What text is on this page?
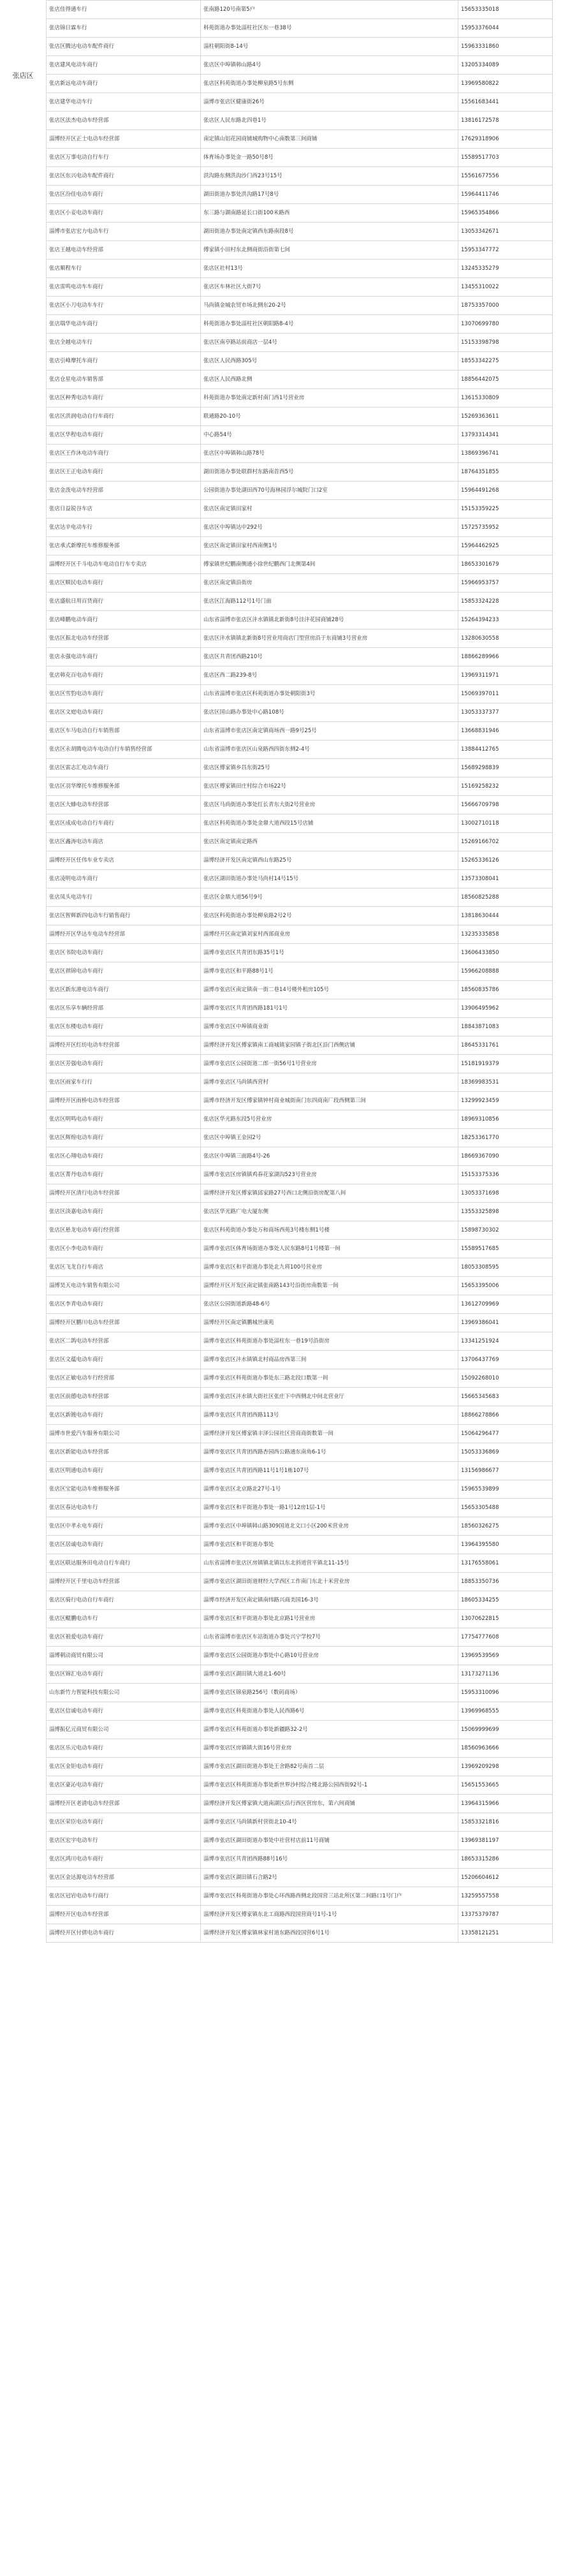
张店区
张店佳得通车行	张南路120号南第5户	15653335018
张店锦日霖车行	科苑街道办事处淄柱社区东一巷38号	15953376044
张店区腾达电动车配件商行	淄柱朝阳街8-14号	15963331860
张店建风电动车商行	张店区中埠镇韩山路4号	13205334089
张店新远电动车商行	张店区科苑街道办事处柳泉路5号东侧	13969580822
张店建华电动车行	淄博市张店区健康街26号	15561683441
张店区法杰电动车经营部	张店区人民东路北四巷1号	13816172578
淄博经开区正士电动车经营部	南定镇山铝花园商铺城购物中心南数第三间商铺	17629318906
张店区万事电动自行车行	体育场办事处金一路50号8号	15589517703
张店区东兴电动车配件商行	洪沟路东侧洪沟沙门西23号15号	15561677556
张店区汾佳电动车商行	湖田街道办事处洪沟路17号8号	15964411746
张店区小妾电动车商行	东三路与湖南路延长口街100米路西	15965354866
淄博市张店宏力电动车行	湖田街道办事处南定镇西东路南段8号	13053342671
张店王越电动车经营部	傅家镇小田村东北侧商街沿街第七间	15953347772
张店顺程车行	张店区社村13号	13245335279
张店雷鸣电动车车商行	张店区车林社区大街7号	13455310022
张店区小刀电动车车行	马尚镇金城农贸市场北侧东20-2号	18753357000
张店瑞华电动车商行	科苑街道办事处淄柱社区朝阳路8-4号	13070699780
张店全越电动车行	张店区南亭路站前商店一层4号	15153398798
张店引峰摩托车商行	张店区人民西路305号	18553342275
张店仓星电动车销售部	张店区人民西路北侧	18856442075
张店区种秀电动车商行	科苑街道办事处南定新村南门西1号营业房	13615330809
张店区洪润电动自行车商行	联通路20-10号	15269363611
张店区华程电动车商行	中心路54号	13793314341
张店区王作沐电动车商行	张店区中埠镇韩山路78号	13869396741
张店区王正电动车商行	湖田街道办事处联群村东路南首西5号	18764351855
张店金泼电动车经营部	公园街道办事处湖田西70号海林园浮尔城院门口2室	15964491268
张店日益锐谷车店	张店区南定镇田家村	15153359225
张店达辛电动车行	张店区中埠镇达中292号	15725735952
张店承式新摩托车维修服务部	张店区南定镇田家村西南侧1号	15964462925
淄博经开区千斗电动车电动自行车专卖店	傅家镇世纪鹏南侧通小徐世纪鹏西门北侧第4间	18653301679
张店区顺民电动车商行	张店区南定镇沿街房	15966953757
张店盛航日用百货商行	张店区江海路112号1号门面	15853324228
张店峰鹏电动车商行	山东省淄博市张店区沣水镇镇北新街8号洼沣花园商铺28号	15264394233
张店区振北电动车经营部	张店区沣水镇镇北新街8号营业用商店门型营房沿于东商铺3号营业房	13280630558
张店永强电动车商行	张店区共青团西路210号	18866289966
张店韩克百电动车商行	张店区西二路239-8号	13969311971
张店区雪豹电动车商行	山东省淄博市张店区科苑街道办事处朝阳街3号	15069397011
张店区文庭电动车商行	张店区国山路办事处中心路108号	13053337377
张店区车马电动自行车销售部	山东省淄博市张店区南定镇商场西一路9号25号	13668831946
张店区永胡腾电动车电动自行车销售经营部	山东省淄博市张店区山泉路西四街东侧2-4号	13884412765
张店区雷志汇电动车商行	张店区傅家镇乡昌东街25号	15689298839
张店区羽华摩托车维修服务部	张店区傅家镇田庄村综合市场22号	15169258232
张店区大蜂电动车经营部	张店区马尚街道办事处红长青东大街2号营业房	15666709798
张店区成成电动自行车商行	张店区科苑街道办事处金鼎大道西段15号店铺	13002710118
张店区鑫涛电动车商店	张店区南定镇南定路西	15269166702
淄博经开区任伟车业专卖店	淄博经济开发区南定镇西山东路25号	15265336126
张店凌明电动车商行	张店区湖田街道办事处马尚村14号15号	13573308041
张店凤头电动车行	张店区金鼎大道56号9号	18560825288
张店区智辉新四电动车行销售商行	张店区科苑街道办事处柳泉路2号2号	13818630444
淄博经开区华达车电动车经营部	淄博经开区南定镇刘家村西部商业房	13235335858
张店区书院电动车商行	淄博市张店区共青团东路35号1号	13606433850
张店区祺锦电动车商行	淄博市张店区和平路88号1号	15966208888
张店区新东港电动车商行	淄博市张店区南定镇南一街二巷14号楼外租房105号	18560835786
张店区乐享车辆经营部	淄博市张店区共青团西路181号1号	13906495962
张店区东楼电动车商行	淄博市张店区中埠镇商业街	18843871083
淄博经开区红纺电动车经营部	淄博经济开发区傅家镇南工商城镇家园镇子街北区沿门西侧店铺	18645331761
张店区芳强电动车商行	淄博市张店区公园街道二郎一街56号1号营业房	15181919379
张店区雨家车行行	淄博市张店区马尚镇西营村	18369983531
淄博经开区雨桥电动车经营部	淄博市经济开发区傅家镇钟村商业城街南门东四商南厂段西侧第三间	13299923459
张店区明鸣电动车商行	张店区华光路东段5号营业房	18969310856
张店区辉煌电动车商行	张店区中埠镇王金园2号	18253361770
张店区心翔电动车商行	张店区中埠镇三面路4号-26	18669367090
张店区菁丹电动车商行	淄博市张店区房镇镇鸡春花家湖沟523号营业房	15153375336
淄博经开区清行电动车经营部	淄博经济开发区傅家镇邱家路27号西口北侧沿街房配第八间	13053371698
张店区淡嘉电动车商行	张店区华光路广电大厦东侧	13553325898
张店区悬龙电动车商行经营部	张店区科苑街道办事处万和商场西苑3号楼东侧1号楼	15898730302
张店区小李电动车商行	淄博市张店区体育场街道办事处人民东路8号1号楼第一间	15589517685
张店区飞龙自行车商店	淄博市张店区和平街道办事处北九将100号营业房	18053308595
淄博昊天电动车销售有限公司	淄博经开区开发区南定镇张南路143号沿街房南数第一间	15653395006
张店区李青电动车商行	张店区公园街道新路48-6号	13612709969
淄博经开区鹏川电动车经营部	淄博经开区南定镇鹏城世康苑	13969386041
张店区二鸽电动车经营部	淄博市张店区科苑街道办事处淄柱东一巷19号沿街房	13341251924
张店区文蕴电动车商行	淄博市张店区沣水镇镇北村商品房西第三间	13706437769
张店区正敏电动车行经营部	淄博市张店区科苑街道办事处东三路北段口数第一间	15092268010
张店区前德电动车经营部	淄博市张店区沣水镇大街社区张庄下中西侧北中间北营业厅	15665345683
张店区新镀电动车商行	淄博市张店区共青团西路113号	18866278866
淄博市世爱汽车服务有限公司	淄博经济开发区傅家镇丰泽公园社区营商商街数第一间	15064296477
张店区新能电动车经营部	淄博市张店区共青团西路杏园西公路通东南角6-1号	15053336869
张店区明通电动车商行	淄博市张店区共青团西路11号1号1栋107号	13156986677
张店区宝能电动车维修服务部	淄博市张店区北京路北27号-1号	15965539899
张店区春达电动车行	淄博市张店区和平街道办事处一路1号12房1层-1号	15653305488
张店区中孝永电车商行	淄博市张店区中埠镇韩山路309国道北文口小区200米营业房	18560326275
张店区居诚电动车商行	淄博市张店区和平街道办事处	13964395580
张店区联达服务田电动自行车商行	山东省淄博市张店区房镇镇北镇以东北斜道营平镇北11-15号	13176558061
淄博经开区千里电动车经营部	淄博市张店区湖田街道财经大学西区工作南门东北十米营业房	18853350736
张店区骑行电动自行车商行	淄博市经济开发区南定镇南纬路兴商美国16-3号	18605334255
张店区鲲鹏电动车行	淄博市张店区和平街道办事处北京路1号营业房	13070622815
张店区祖爱电动车商行	山东省淄博市张店区车站街道办事处兴宁学校7号	17754777608
淄博朝动商贸有限公司	淄博市张店区公园街道办事处中心路10号营业房	13969539569
张店区锦汇电动车商行	淄博市张店区湖田镇大道北1-60号	13173271136
山东新竹力智能科技有限公司	淄博市张店区锦泉路256号（数码商场）	15953310096
张店区信诚电动车商行	淄博市张店区科苑街道办事处人民西路6号	13969968555
淄博振亿元商贸有限公司	淄博市张店区科苑街道办事处新疆路32-2号	15069999699
张店区乐元电动车商行	淄博市张店区房镇镇大街16号营业房	18560963666
张店区金钜电动车商行	淄博市张店区湖田街道办事处王舍路82号南首二层	13969209298
张店区豪沁电动车商行	淄博市张店区科苑街道办事处新世界沙村综合楼北路公园西街92号-1	15651553665
淄博经开区老清电动车经营部	淄博经济开发区傅家镇大道南湖区沿行西区营房东，第六间商铺	13964315966
张店区荣臣电动车商行	淄博市张店区马尚镇新村营街北10-4号	15853321816
张店区宏宇电动车行	淄博市张店区湖田街道办事处中社营村店前11号商铺	13969381197
张店区鸿川电动车商行	淄博市张店区共青团西路88号16号	18653315286
张店区金达源电动车经营部	淄博市张店区湖田镇石合路2号	15206604612
张店区冠岩电动车行商行	淄博市张店区科苑街道办事处心环西路西侧北段国营三站北所区第二间路口1号门户	13259557558
淄博经开区电动车经营部	淄博经济开发区傅家镇东北工商路西段国营商号1号-1号	13375379787
淄博经开区付倩电动车商行	淄博经济开发区傅家镇林家村道东路西段国营6号1号	13358121251
